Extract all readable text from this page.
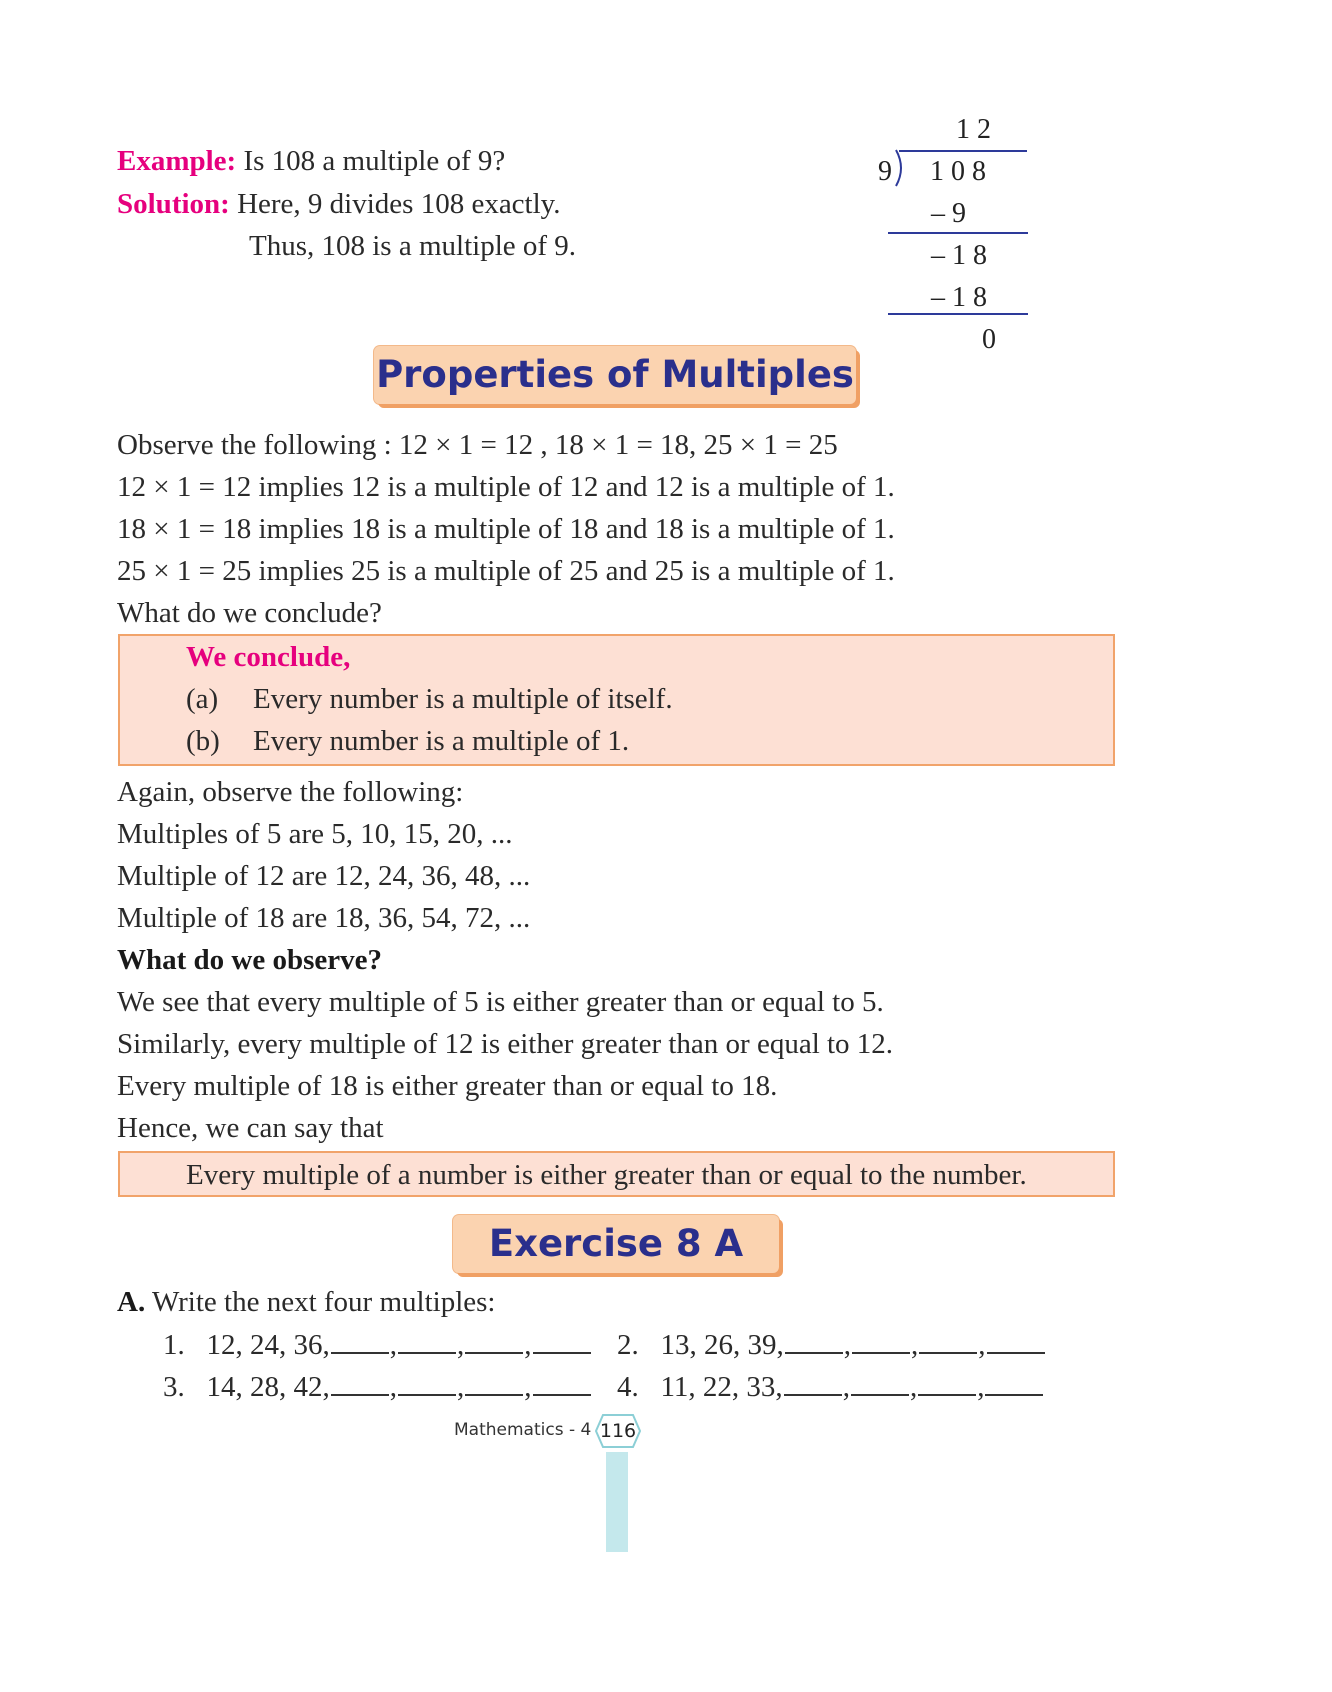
Example: Is 108 a multiple of 9?
Solution: Here, 9 divides 108 exactly.
Thus, 108 is a multiple of 9.
1 2
9 1 0 8
– 9
– 1 8
– 1 8
0
Properties of Multiples
Observe the following : 12 × 1 = 12 , 18 × 1 = 18, 25 × 1 = 25
12 × 1 = 12 implies 12 is a multiple of 12 and 12 is a multiple of 1.
18 × 1 = 18 implies 18 is a multiple of 18 and 18 is a multiple of 1.
25 × 1 = 25 implies 25 is a multiple of 25 and 25 is a multiple of 1.
What do we conclude?
We conclude,
(a) Every number is a multiple of itself.
(b) Every number is a multiple of 1.
Again, observe the following:
Multiples of 5 are 5, 10, 15, 20, ...
Multiple of 12 are 12, 24, 36, 48, ...
Multiple of 18 are 18, 36, 54, 72, ...
What do we observe?
We see that every multiple of 5 is either greater than or equal to 5.
Similarly, every multiple of 12 is either greater than or equal to 12.
Every multiple of 18 is either greater than or equal to 18.
Hence, we can say that
Every multiple of a number is either greater than or equal to the number.
Exercise 8 A
A. Write the next four multiples:
1. 12, 24, 36, , , ,	2. 13, 26, 39, , , ,
3. 14, 28, 42, , , ,	4. 11, 22, 33, , , ,
Mathematics - 4 116
